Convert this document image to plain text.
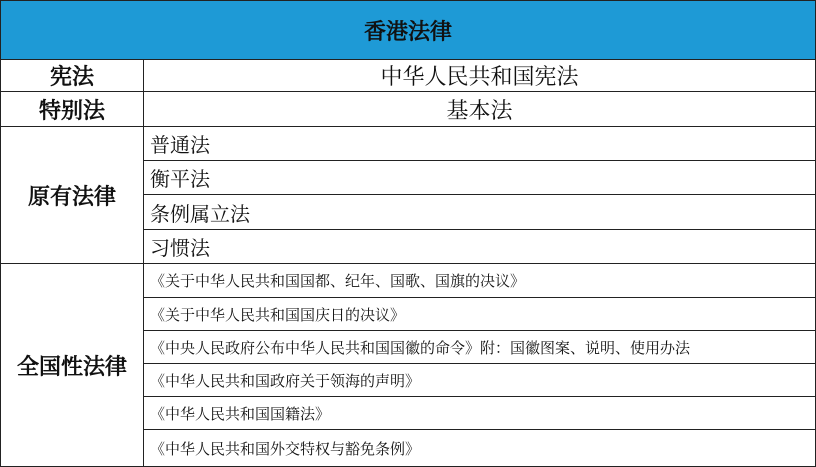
香港法律
宪法	中华人民共和国宪法
特别法	基本法
原有法律
普通法
衡平法
条例属立法
习惯法
全国性法律
《关于中华人民共和国国都、纪年、国歌、国旗的决议》
《关于中华人民共和国国庆日的决议》
《中央人民政府公布中华人民共和国国徽的命令》附：国徽图案、说明、使用办法
《中华人民共和国政府关于领海的声明》
《中华人民共和国国籍法》
《中华人民共和国外交特权与豁免条例》
